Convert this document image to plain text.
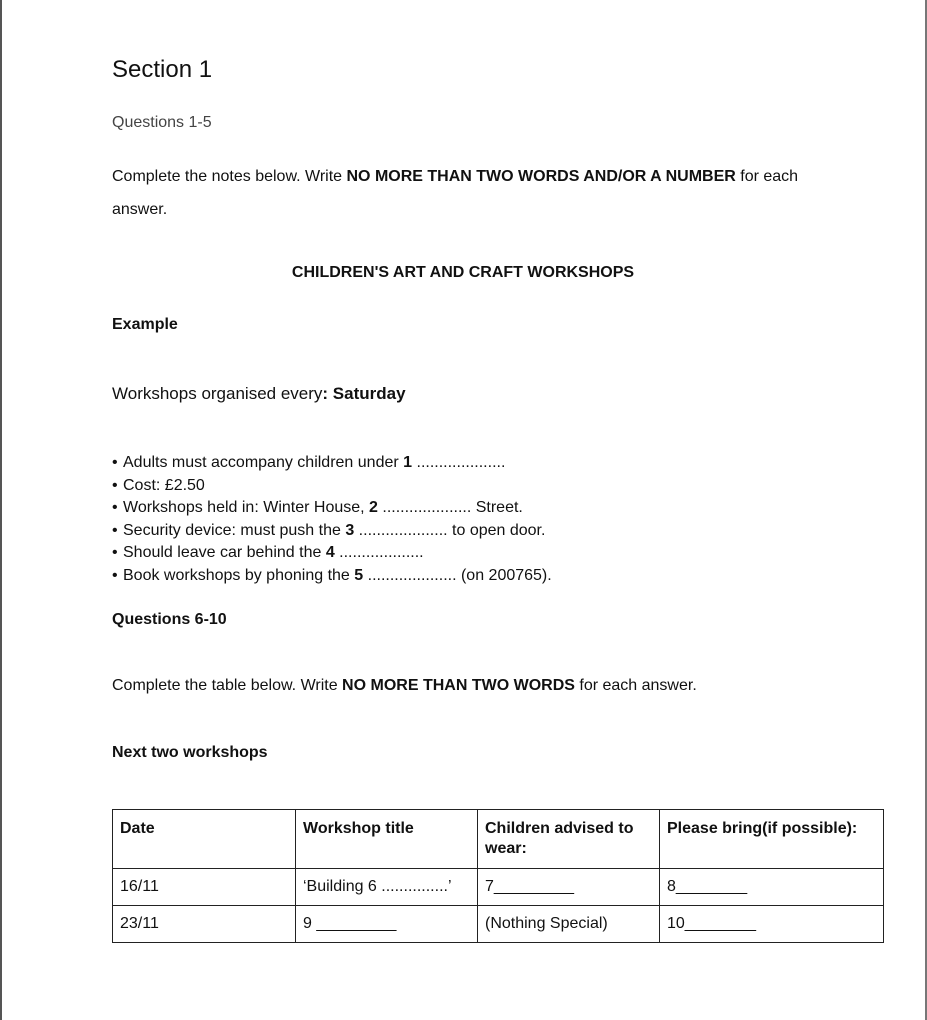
Section 1
Questions 1-5
Complete the notes below. Write NO MORE THAN TWO WORDS AND/OR A NUMBER for each answer.
CHILDREN'S ART AND CRAFT WORKSHOPS
Example
Workshops organised every: Saturday
• Adults must accompany children under 1 ....................
• Cost: £2.50
• Workshops held in: Winter House, 2 .................... Street.
• Security device: must push the 3 .................... to open door.
• Should leave car behind the 4 ...................
• Book workshops by phoning the 5 .................... (on 200765).
Questions 6-10
Complete the table below. Write NO MORE THAN TWO WORDS for each answer.
Next two workshops
Date	Workshop title	Children advised to wear:	Please bring(if possible):
16/11	‘Building 6 ...............’	7_________	8________
23/11	9 _________	(Nothing Special)	10________
